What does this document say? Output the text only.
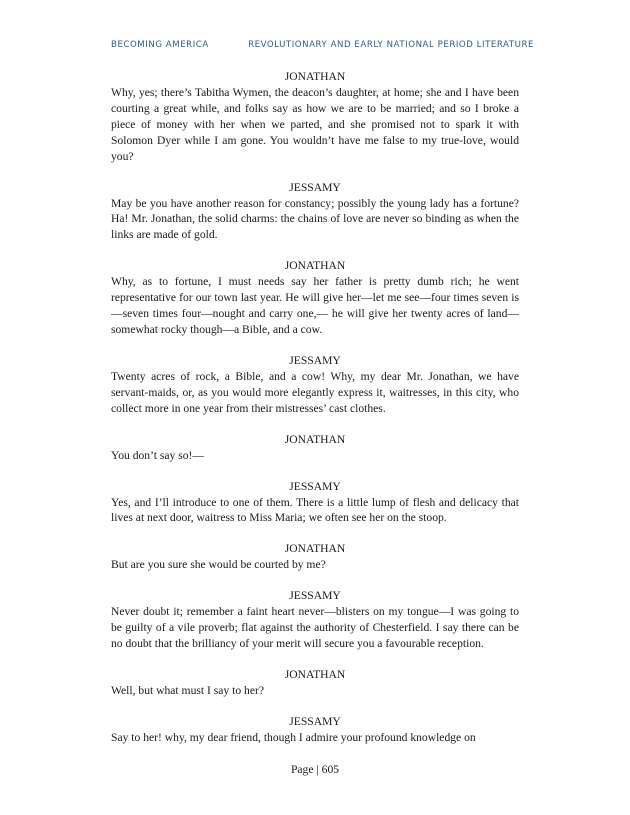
BECOMING AMERICA	REVOLUTIONARY AND EARLY NATIONAL PERIOD LITERATURE
JONATHAN

Why, yes; there’s Tabitha Wymen, the deacon’s daughter, at home; she and I have been courting a great while, and folks say as how we are to be married; and so I broke a piece of money with her when we parted, and she promised not to spark it with Solomon Dyer while I am gone. You wouldn’t have me false to my true-love, would you?

JESSAMY

May be you have another reason for constancy; possibly the young lady has a fortune? Ha! Mr. Jonathan, the solid charms: the chains of love are never so binding as when the links are made of gold.

JONATHAN

Why, as to fortune, I must needs say her father is pretty dumb rich; he went representative for our town last year. He will give her—let me see—four times seven is—seven times four—nought and carry one,— he will give her twenty acres of land—somewhat rocky though—a Bible, and a cow.

JESSAMY

Twenty acres of rock, a Bible, and a cow! Why, my dear Mr. Jonathan, we have servant-maids, or, as you would more elegantly express it, waitresses, in this city, who collect more in one year from their mistresses’ cast clothes.

JONATHAN

You don’t say so!—

JESSAMY

Yes, and I’ll introduce to one of them. There is a little lump of flesh and delicacy that lives at next door, waitress to Miss Maria; we often see her on the stoop.

JONATHAN

But are you sure she would be courted by me?

JESSAMY

Never doubt it; remember a faint heart never—blisters on my tongue—I was going to be guilty of a vile proverb; flat against the authority of Chesterfield. I say there can be no doubt that the brilliancy of your merit will secure you a favourable reception.

JONATHAN

Well, but what must I say to her?

JESSAMY

Say to her! why, my dear friend, though I admire your profound knowledge on

Page | 605
